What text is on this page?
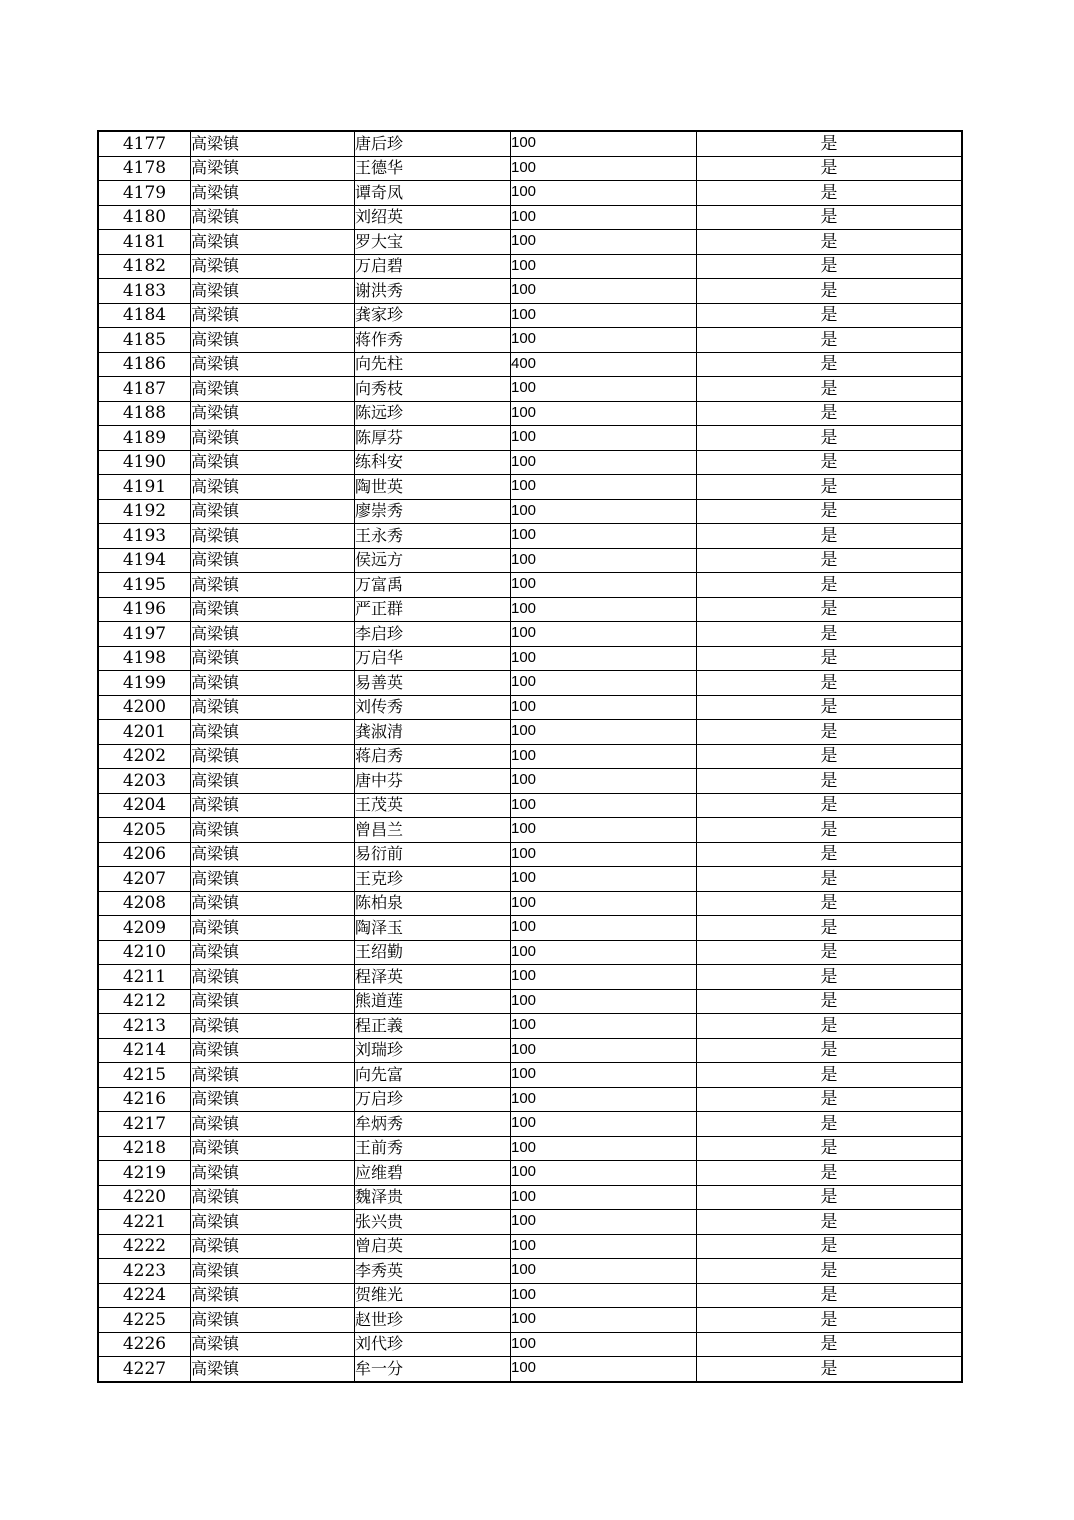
4177	高梁镇	唐后珍	100	是
4178	高梁镇	王德华	100	是
4179	高梁镇	谭奇凤	100	是
4180	高梁镇	刘绍英	100	是
4181	高梁镇	罗大宝	100	是
4182	高梁镇	万启碧	100	是
4183	高梁镇	谢洪秀	100	是
4184	高梁镇	龚家珍	100	是
4185	高梁镇	蒋作秀	100	是
4186	高梁镇	向先柱	400	是
4187	高梁镇	向秀枝	100	是
4188	高梁镇	陈远珍	100	是
4189	高梁镇	陈厚芬	100	是
4190	高梁镇	练科安	100	是
4191	高梁镇	陶世英	100	是
4192	高梁镇	廖崇秀	100	是
4193	高梁镇	王永秀	100	是
4194	高梁镇	侯远方	100	是
4195	高梁镇	万富禹	100	是
4196	高梁镇	严正群	100	是
4197	高梁镇	李启珍	100	是
4198	高梁镇	万启华	100	是
4199	高梁镇	易善英	100	是
4200	高梁镇	刘传秀	100	是
4201	高梁镇	龚淑清	100	是
4202	高梁镇	蒋启秀	100	是
4203	高梁镇	唐中芬	100	是
4204	高梁镇	王茂英	100	是
4205	高梁镇	曾昌兰	100	是
4206	高梁镇	易衍前	100	是
4207	高梁镇	王克珍	100	是
4208	高梁镇	陈柏泉	100	是
4209	高梁镇	陶泽玉	100	是
4210	高梁镇	王绍勤	100	是
4211	高梁镇	程泽英	100	是
4212	高梁镇	熊道莲	100	是
4213	高梁镇	程正義	100	是
4214	高梁镇	刘瑞珍	100	是
4215	高梁镇	向先富	100	是
4216	高梁镇	万启珍	100	是
4217	高梁镇	牟炳秀	100	是
4218	高梁镇	王前秀	100	是
4219	高梁镇	应维碧	100	是
4220	高梁镇	魏泽贵	100	是
4221	高梁镇	张兴贵	100	是
4222	高梁镇	曾启英	100	是
4223	高梁镇	李秀英	100	是
4224	高梁镇	贺维光	100	是
4225	高梁镇	赵世珍	100	是
4226	高梁镇	刘代珍	100	是
4227	高梁镇	牟一分	100	是
